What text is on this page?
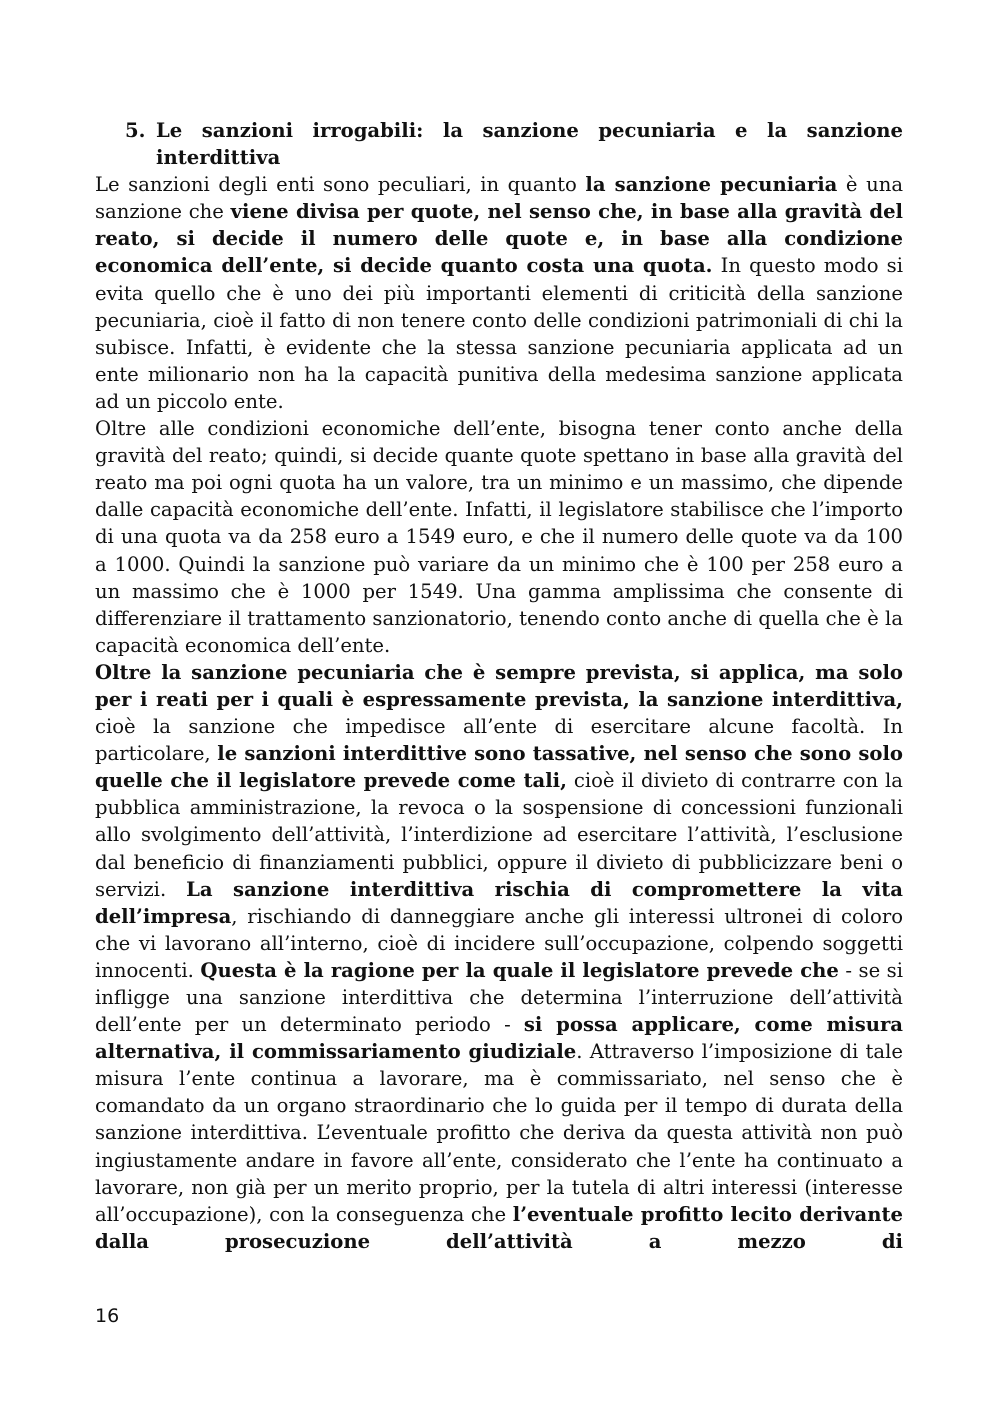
5. Le sanzioni irrogabili: la sanzione pecuniaria e la sanzione interdittiva

Le sanzioni degli enti sono peculiari, in quanto la sanzione pecuniaria è una sanzione che viene divisa per quote, nel senso che, in base alla gravità del reato, si decide il numero delle quote e, in base alla condizione economica dell’ente, si decide quanto costa una quota. In questo modo si evita quello che è uno dei più importanti elementi di criticità della sanzione pecuniaria, cioè il fatto di non tenere conto delle condizioni patrimoniali di chi la subisce. Infatti, è evidente che la stessa sanzione pecuniaria applicata ad un ente milionario non ha la capacità punitiva della medesima sanzione applicata ad un piccolo ente.

Oltre alle condizioni economiche dell’ente, bisogna tener conto anche della gravità del reato; quindi, si decide quante quote spettano in base alla gravità del reato ma poi ogni quota ha un valore, tra un minimo e un massimo, che dipende dalle capacità economiche dell’ente. Infatti, il legislatore stabilisce che l’importo di una quota va da 258 euro a 1549 euro, e che il numero delle quote va da 100 a 1000. Quindi la sanzione può variare da un minimo che è 100 per 258 euro a un massimo che è 1000 per 1549. Una gamma amplissima che consente di differenziare il trattamento sanzionatorio, tenendo conto anche di quella che è la capacità economica dell’ente.

Oltre la sanzione pecuniaria che è sempre prevista, si applica, ma solo per i reati per i quali è espressamente prevista, la sanzione interdittiva, cioè la sanzione che impedisce all’ente di esercitare alcune facoltà. In particolare, le sanzioni interdittive sono tassative, nel senso che sono solo quelle che il legislatore prevede come tali, cioè il divieto di contrarre con la pubblica amministrazione, la revoca o la sospensione di concessioni funzionali allo svolgimento dell’attività, l’interdizione ad esercitare l’attività, l’esclusione dal beneficio di finanziamenti pubblici, oppure il divieto di pubblicizzare beni o servizi. La sanzione interdittiva rischia di compromettere la vita dell’impresa, rischiando di danneggiare anche gli interessi ultronei di coloro che vi lavorano all’interno, cioè di incidere sull’occupazione, colpendo soggetti innocenti. Questa è la ragione per la quale il legislatore prevede che - se si infligge una sanzione interdittiva che determina l’interruzione dell’attività dell’ente per un determinato periodo - si possa applicare, come misura alternativa, il commissariamento giudiziale. Attraverso l’imposizione di tale misura l’ente continua a lavorare, ma è commissariato, nel senso che è comandato da un organo straordinario che lo guida per il tempo di durata della sanzione interdittiva. L’eventuale profitto che deriva da questa attività non può ingiustamente andare in favore all’ente, considerato che l’ente ha continuato a lavorare, non già per un merito proprio, per la tutela di altri interessi (interesse all’occupazione), con la conseguenza che l’eventuale profitto lecito derivante dalla prosecuzione dell’attività a mezzo di

16
